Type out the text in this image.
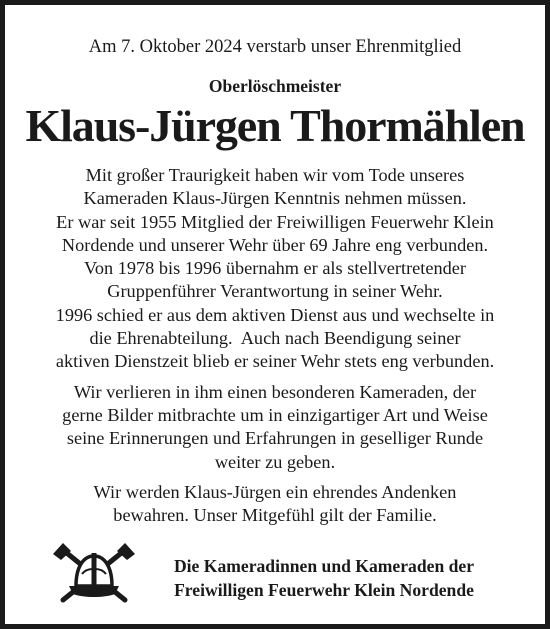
Am 7. Oktober 2024 verstarb unser Ehrenmitglied
Oberlöschmeister
Klaus-Jürgen Thormählen

Mit großer Traurigkeit haben wir vom Tode unseres
Kameraden Klaus-Jürgen Kenntnis nehmen müssen.
Er war seit 1955 Mitglied der Freiwilligen Feuerwehr Klein
Nordende und unserer Wehr über 69 Jahre eng verbunden.
Von 1978 bis 1996 übernahm er als stellvertretender
Gruppenführer Verantwortung in seiner Wehr.
1996 schied er aus dem aktiven Dienst aus und wechselte in
die Ehrenabteilung.  Auch nach Beendigung seiner
aktiven Dienstzeit blieb er seiner Wehr stets eng verbunden.

Wir verlieren in ihm einen besonderen Kameraden, der
gerne Bilder mitbrachte um in einzigartiger Art und Weise
seine Erinnerungen und Erfahrungen in geselliger Runde
weiter zu geben.

Wir werden Klaus-Jürgen ein ehrendes Andenken
bewahren. Unser Mitgefühl gilt der Familie.

Die Kameradinnen und Kameraden der
Freiwilligen Feuerwehr Klein Nordende
